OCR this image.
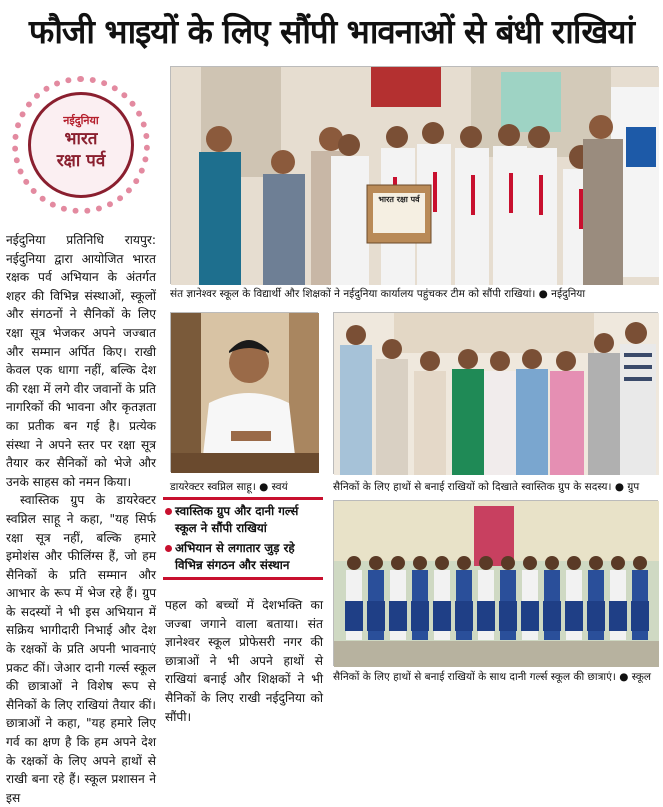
फौजी भाइयों के लिए सौंपी भावनाओं से बंधी राखियां
नईदुनिया
भारत
रक्षा पर्व
भारत रक्षा पर्व
संत ज्ञानेश्वर स्कूल के विद्यार्थी और शिक्षकों ने नईदुनिया कार्यालय पहुंचकर टीम को सौंपी राखियां। ● नईदुनिया

नईदुनिया प्रतिनिधि रायपुर: नईदुनिया द्वारा आयोजित भारत रक्षक पर्व अभियान के अंतर्गत शहर की विभिन्न संस्थाओं, स्कूलों और संगठनों ने सैनिकों के लिए रक्षा सूत्र भेजकर अपने जज्बात और सम्मान अर्पित किए। राखी केवल एक धागा नहीं, बल्कि देश की रक्षा में लगे वीर जवानों के प्रति नागरिकों की भावना और कृतज्ञता का प्रतीक बन गई है। प्रत्येक संस्था ने अपने स्तर पर रक्षा सूत्र तैयार कर सैनिकों को भेजे और उनके साहस को नमन किया।

स्वास्तिक ग्रुप के डायरेक्टर स्वप्निल साहू ने कहा, "यह सिर्फ रक्षा सूत्र नहीं, बल्कि हमारे इमोशंस और फीलिंग्स हैं, जो हम सैनिकों के प्रति सम्मान और आभार के रूप में भेज रहे हैं। ग्रुप के सदस्यों ने भी इस अभियान में सक्रिय भागीदारी निभाई और देश के रक्षकों के प्रति अपनी भावनाएं प्रकट कीं। जेआर दानी गर्ल्स स्कूल की छात्राओं ने विशेष रूप से सैनिकों के लिए राखियां तैयार कीं। छात्राओं ने कहा, "यह हमारे लिए गर्व का क्षण है कि हम अपने देश के रक्षकों के लिए अपने हाथों से राखी बना रहे हैं। स्कूल प्रशासन ने इस

डायरेक्टर स्वप्निल साहू। ● स्वयं
स्वास्तिक ग्रुप और दानी गर्ल्स स्कूल ने सौंपी राखियां
अभियान से लगातार जुड़ रहे विभिन्न संगठन और संस्थान

पहल को बच्चों में देशभक्ति का जज्बा जगाने वाला बताया। संत ज्ञानेश्वर स्कूल प्रोफेसरी नगर की छात्राओं ने भी अपने हाथों से राखियां बनाई और शिक्षकों ने भी सैनिकों के लिए राखी नईदुनिया को सौंपी।

सैनिकों के लिए हाथों से बनाई राखियों को दिखाते स्वास्तिक ग्रुप के सदस्य। ● ग्रुप
सैनिकों के लिए हाथों से बनाई राखियों के साथ दानी गर्ल्स स्कूल की छात्राएं। ● स्कूल
